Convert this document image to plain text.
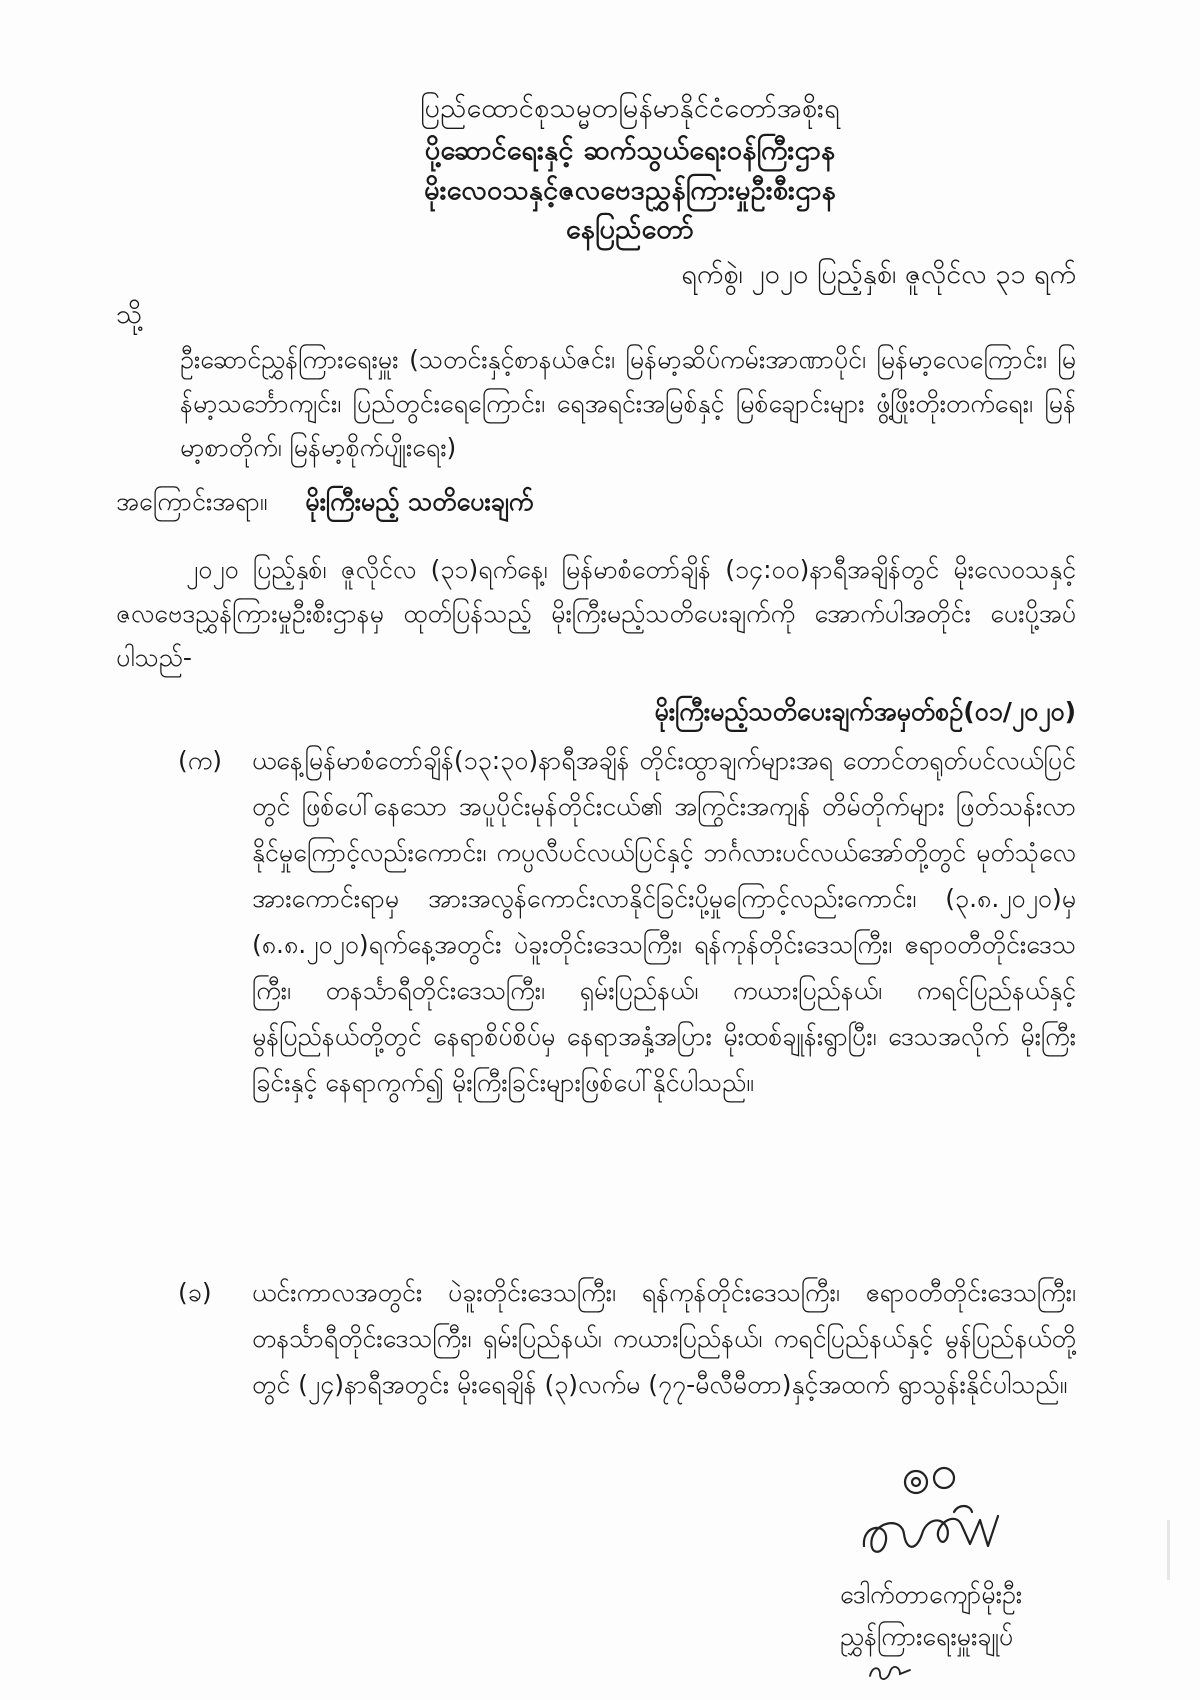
ပြည်ထောင်စုသမ္မတမြန်မာနိုင်ငံတော်အစိုးရ
ပို့ဆောင်ရေးနှင့် ဆက်သွယ်ရေးဝန်ကြီးဌာန
မိုးလေဝသနှင့်ဇလဗေဒညွှန်ကြားမှုဦးစီးဌာန
နေပြည်တော်
ရက်စွဲ၊ ၂၀၂၀ ပြည့်နှစ်၊ ဇူလိုင်လ ၃၁ ရက်
သို့
ဦးဆောင်ညွှန်ကြားရေးမှူး (သတင်းနှင့်စာနယ်ဇင်း၊ မြန်မာ့ဆိပ်ကမ်းအာဏာပိုင်၊ မြန်မာ့လေကြောင်း၊ မြန်မာ့သင်္ဘောကျင်း၊ ပြည်တွင်းရေကြောင်း၊ ရေအရင်းအမြစ်နှင့် မြစ်ချောင်းများ ဖွံ့ဖြိုးတိုးတက်ရေး၊ မြန်မာ့စာတိုက်၊ မြန်မာ့စိုက်ပျိုးရေး)
အကြောင်းအရာ။ မိုးကြီးမည့် သတိပေးချက်
၂၀၂၀ ပြည့်နှစ်၊ ဇူလိုင်လ (၃၁)ရက်နေ့၊ မြန်မာစံတော်ချိန် (၁၄:၀၀)နာရီအချိန်တွင် မိုးလေဝသနှင့် ဇလဗေဒညွှန်ကြားမှုဦးစီးဌာနမှ ထုတ်ပြန်သည့် မိုးကြီးမည့်သတိပေးချက်ကို အောက်ပါအတိုင်း ပေးပို့အပ်ပါသည်-
မိုးကြီးမည့်သတိပေးချက်အမှတ်စဉ်(၀၁/၂၀၂၀)
(က)	ယနေ့မြန်မာစံတော်ချိန်(၁၃:၃၀)နာရီအချိန် တိုင်းထွာချက်များအရ တောင်တရုတ်ပင်လယ်ပြင်တွင် ဖြစ်ပေါ်နေသော အပူပိုင်းမုန်တိုင်းငယ်၏ အကြွင်းအကျန် တိမ်တိုက်များ ဖြတ်သန်းလာနိုင်မှုကြောင့်လည်းကောင်း၊ ကပ္ပလီပင်လယ်ပြင်နှင့် ဘင်္ဂလားပင်လယ်အော်တို့တွင် မုတ်သုံလေအားကောင်းရာမှ အားအလွန်ကောင်းလာနိုင်ခြင်းပို့မှုကြောင့်လည်းကောင်း၊ (၃.၈.၂၀၂၀)မှ (၈.၈.၂၀၂၀)ရက်နေ့အတွင်း ပဲခူးတိုင်းဒေသကြီး၊ ရန်ကုန်တိုင်းဒေသကြီး၊ ဧရာဝတီတိုင်းဒေသကြီး၊ တနင်္သာရီတိုင်းဒေသကြီး၊ ရှမ်းပြည်နယ်၊ ကယားပြည်နယ်၊ ကရင်ပြည်နယ်နှင့် မွန်ပြည်နယ်တို့တွင် နေရာစိပ်စိပ်မှ နေရာအနှံ့အပြား မိုးထစ်ချုန်းရွာပြီး၊ ဒေသအလိုက် မိုးကြီးခြင်းနှင့် နေရာကွက်၍ မိုးကြီးခြင်းများဖြစ်ပေါ်နိုင်ပါသည်။
(ခ)	ယင်းကာလအတွင်း ပဲခူးတိုင်းဒေသကြီး၊ ရန်ကုန်တိုင်းဒေသကြီး၊ ဧရာဝတီတိုင်းဒေသကြီး၊ တနင်္သာရီတိုင်းဒေသကြီး၊ ရှမ်းပြည်နယ်၊ ကယားပြည်နယ်၊ ကရင်ပြည်နယ်နှင့် မွန်ပြည်နယ်တို့တွင် (၂၄)နာရီအတွင်း မိုးရေချိန် (၃)လက်မ (၇၇-မီလီမီတာ)နှင့်အထက် ရွာသွန်းနိုင်ပါသည်။
ဒေါက်တာကျော်မိုးဦး
ညွှန်ကြားရေးမှူးချုပ်
